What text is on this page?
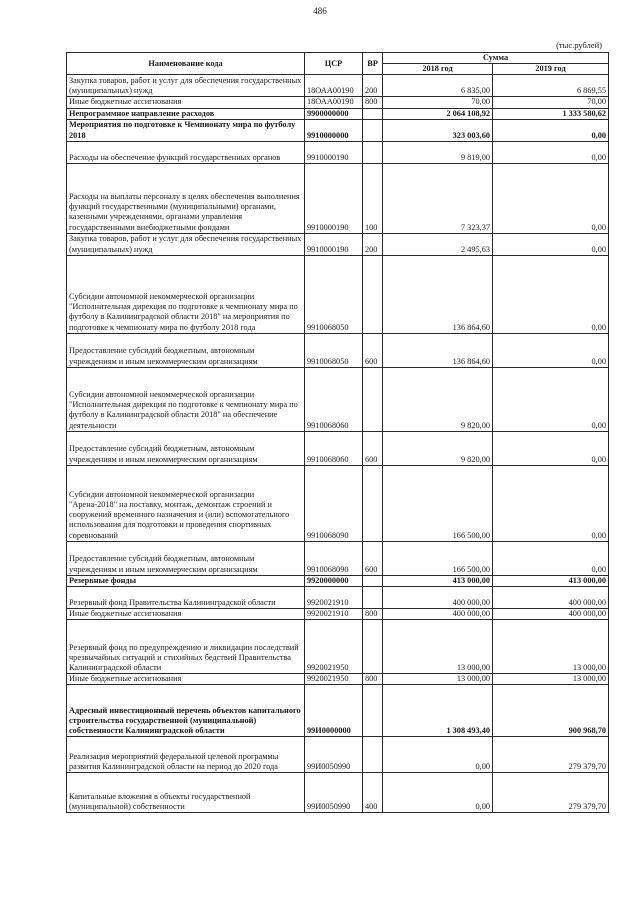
486
(тыс.рублей)
Наименование кода	ЦСР	ВР	Сумма	
			2018 год	2019 год
Закупка товаров, работ и услуг для обеспечения государственных (муниципальных) нужд	18ОАА00190	200	6 835,00	6 869,55
Иные бюджетные ассигнования	18ОАА00190	800	70,00	70,00
Непрограммное направление расходов	9900000000		2 064 108,92	1 333 580,62
Мероприятия по подготовке к Чемпионату мира по футболу 2018	9910000000		323 003,60	0,00
Расходы на обеспечение функций государственных органов	9910000190		9 819,00	0,00
Расходы на выплаты персоналу в целях обеспечения выполнения функций государственными (муниципальными) органами, казенными учреждениями, органами управления государственными внебюджетными фондами	9910000190	100	7 323,37	0,00
Закупка товаров, работ и услуг для обеспечения государственных (муниципальных) нужд	9910000190	200	2 495,63	0,00
Субсидии автономной некоммерческой организации "Исполнительная дирекция по подготовке к чемпионату мира по футболу в Калининградской области 2018" на мероприятия по подготовке к чемпионату мира по футболу 2018 года	9910068050		136 864,60	0,00
Предоставление субсидий бюджетным, автономным учреждениям и иным некоммерческим организациям	9910068050	600	136 864,60	0,00
Субсидии автономной некоммерческой организации "Исполнительная дирекция по подготовке к чемпионату мира по футболу в Калининградской области 2018" на обеспечение деятельности	9910068060		9 820,00	0,00
Предоставление субсидий бюджетным, автономным учреждениям и иным некоммерческим организациям	9910068060	600	9 820,00	0,00
Субсидии автономной некоммерческой организации "Арена-2018" на поставку, монтаж, демонтаж строений и сооружений временного назначения и (или) вспомогательного использования для подготовки и проведения спортивных соревнований	9910068090		166 500,00	0,00
Предоставление субсидий бюджетным, автономным учреждениям и иным некоммерческим организациям	9910068090	600	166 500,00	0,00
Резервные фонды	9920000000		413 000,00	413 000,00
Резервный фонд Правительства Калининградской области	9920021910		400 000,00	400 000,00
Иные бюджетные ассигнования	9920021910	800	400 000,00	400 000,00
Резервный фонд по предупреждению и ликвидации последствий чрезвычайных ситуаций и стихийных бедствий Правительства Калининградской области	9920021950		13 000,00	13 000,00
Иные бюджетные ассигнования	9920021950	800	13 000,00	13 000,00
Адресный инвестиционный перечень объектов капитального строительства государственной (муниципальной) собственности Калининградской области	99И0000000		1 308 493,40	900 968,70
Реализация мероприятий федеральной целевой программы развития Калининградской области на период до 2020 года	99И0050990		0,00	279 379,70
Капитальные вложения в объекты государственной (муниципальной) собственности	99И0050990	400	0,00	279 379,70
